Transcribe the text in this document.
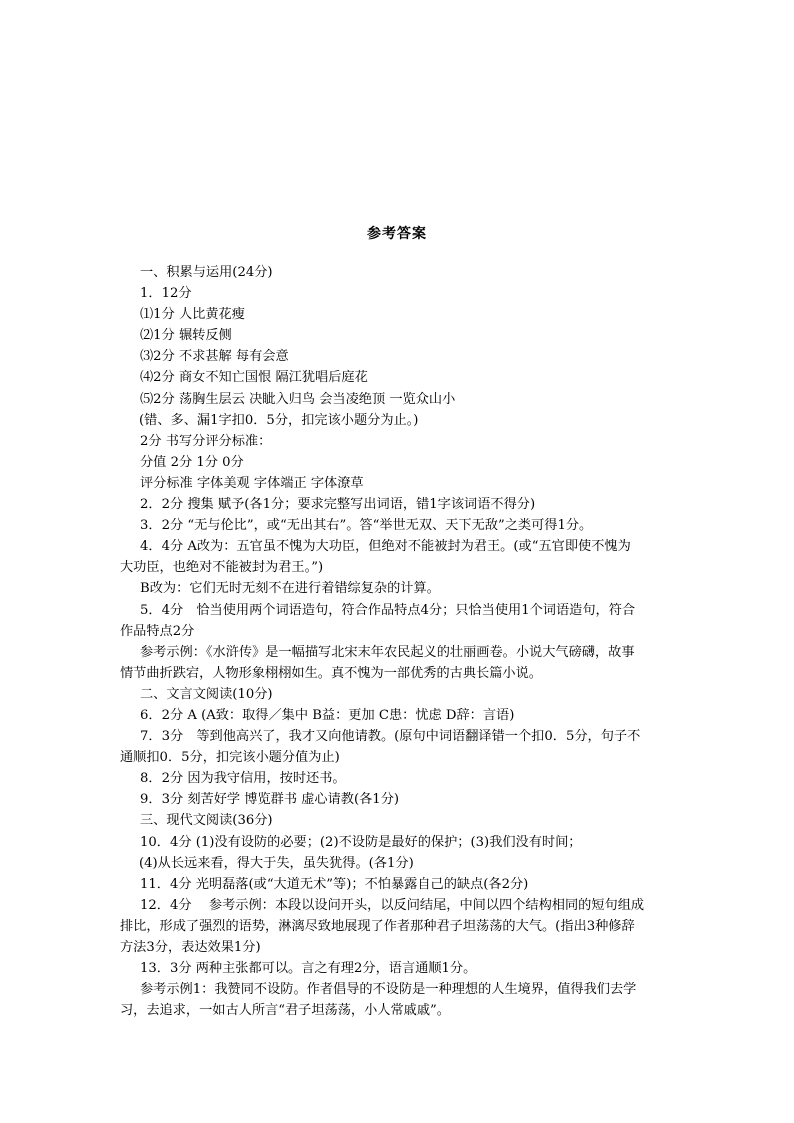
参考答案
一、积累与运用(24分)
1．12分
⑴1分 人比黄花瘦
⑵1分 辗转反侧
⑶2分 不求甚解 每有会意
⑷2分 商女不知亡国恨 隔江犹唱后庭花
⑸2分 荡胸生层云 决眦入归鸟 会当凌绝顶 一览众山小
(错、多、漏1字扣0．5分，扣完该小题分为止。)
2分 书写分评分标准：
分值 2分 1分 0分
评分标准 字体美观 字体端正 字体潦草
2．2分 搜集 赋予(各1分；要求完整写出词语，错1字该词语不得分)
3．2分 “无与伦比”，或“无出其右”。答“举世无双、天下无敌”之类可得1分。
4．4分 A改为：五官虽不愧为大功臣，但绝对不能被封为君王。(或“五官即使不愧为
大功臣，也绝对不能被封为君王。”)
B改为：它们无时无刻不在进行着错综复杂的计算。
5．4分　恰当使用两个词语造句，符合作品特点4分；只恰当使用1个词语造句，符合
作品特点2分
参考示例：《水浒传》是一幅描写北宋末年农民起义的壮丽画卷。小说大气磅礴，故事
情节曲折跌宕，人物形象栩栩如生。真不愧为一部优秀的古典长篇小说。
二、文言文阅读(10分)
6．2分 A (A致：取得／集中 B益：更加 C患：忧虑 D辞：言语)
7．3分　等到他高兴了，我才又向他请教。(原句中词语翻译错一个扣0．5分，句子不
通顺扣0．5分，扣完该小题分值为止)
8．2分 因为我守信用，按时还书。
9．3分 刻苦好学 博览群书 虚心请教(各1分)
三、现代文阅读(36分)
10．4分 (1)没有设防的必要；(2)不设防是最好的保护；(3)我们没有时间；
(4)从长远来看，得大于失，虽失犹得。(各1分)
11．4分 光明磊落(或“大道无术”等)；不怕暴露自己的缺点(各2分)
12．4分　 参考示例：本段以设问开头，以反问结尾，中间以四个结构相同的短句组成
排比，形成了强烈的语势，淋漓尽致地展现了作者那种君子坦荡荡的大气。(指出3种修辞
方法3分，表达效果1分)
13．3分 两种主张都可以。言之有理2分，语言通顺1分。
参考示例1：我赞同不设防。作者倡导的不设防是一种理想的人生境界，值得我们去学
习，去追求，一如古人所言“君子坦荡荡，小人常戚戚”。
